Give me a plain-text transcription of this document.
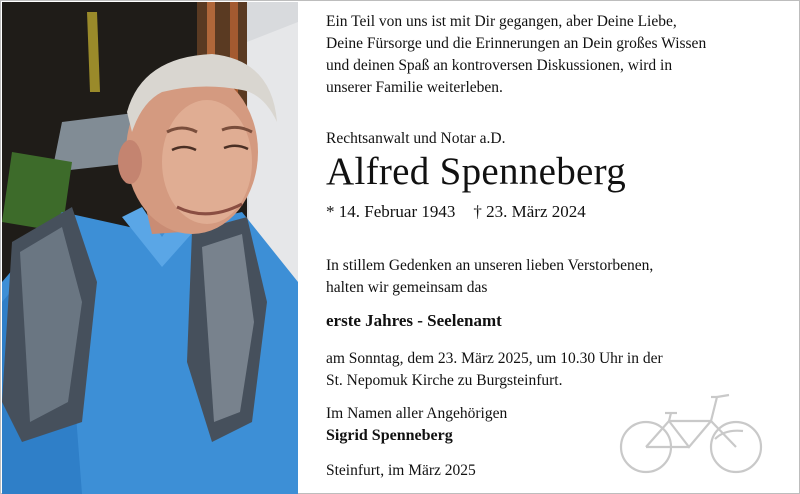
Ein Teil von uns ist mit Dir gegangen, aber Deine Liebe,
Deine Fürsorge und die Erinnerungen an Dein großes Wissen
und deinen Spaß an kontroversen Diskussionen, wird in
unserer Familie weiterleben.
Rechtsanwalt und Notar a.D.
Alfred Spenneberg
* 14. Februar 1943 † 23. März 2024
In stillem Gedenken an unseren lieben Verstorbenen,
halten wir gemeinsam das
erste Jahres - Seelenamt
am Sonntag, dem 23. März 2025, um 10.30 Uhr in der
St. Nepomuk Kirche zu Burgsteinfurt.
Im Namen aller Angehörigen
Sigrid Spenneberg
Steinfurt, im März 2025
